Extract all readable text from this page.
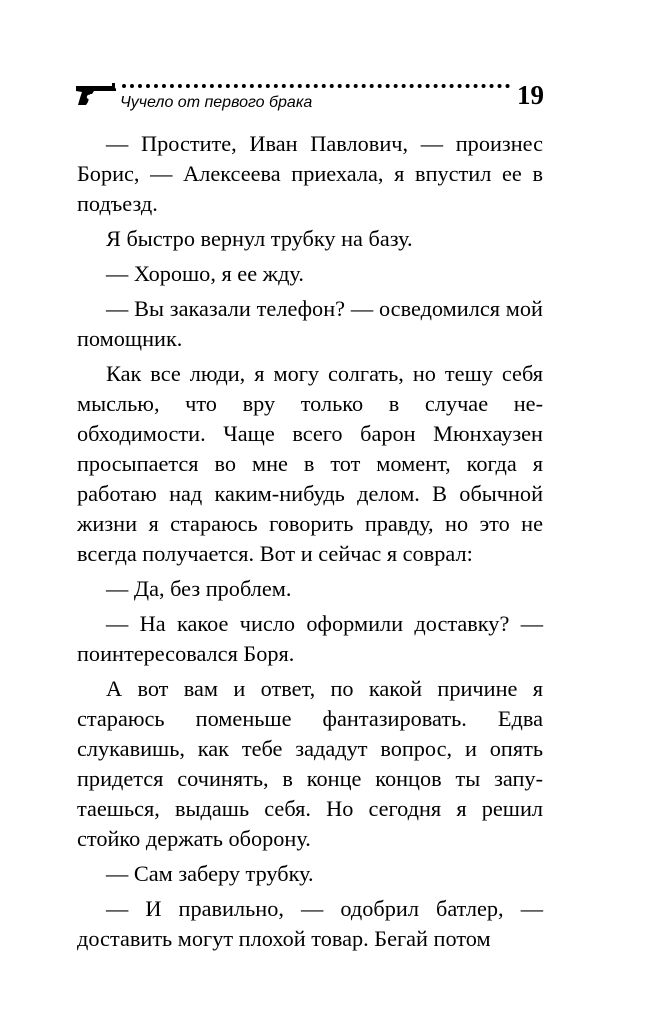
Чучело от первого брака	19

— Простите, Иван Павлович, — произнес Борис, — Алексеева приехала, я впустил ее в подъезд.

Я быстро вернул трубку на базу.

— Хорошо, я ее жду.

— Вы заказали телефон? — осведомился мой помощник.

Как все люди, я могу солгать, но тешу себя мыслью, что вру только в случае необходимости. Чаще всего барон Мюнхаузен просыпается во мне в тот момент, когда я работаю над каким-нибудь делом. В обычной жизни я стараюсь говорить правду, но это не всегда получается. Вот и сейчас я соврал:

— Да, без проблем.

— На какое число оформили доставку? — поинтересовался Боря.

А вот вам и ответ, по какой причине я стараюсь поменьше фантазировать. Едва слукавишь, как тебе зададут вопрос, и опять придется сочинять, в конце концов ты запутаешься, выдашь себя. Но сегодня я решил стойко держать оборону.

— Сам заберу трубку.

— И правильно, — одобрил батлер, — доставить могут плохой товар. Бегай потом
